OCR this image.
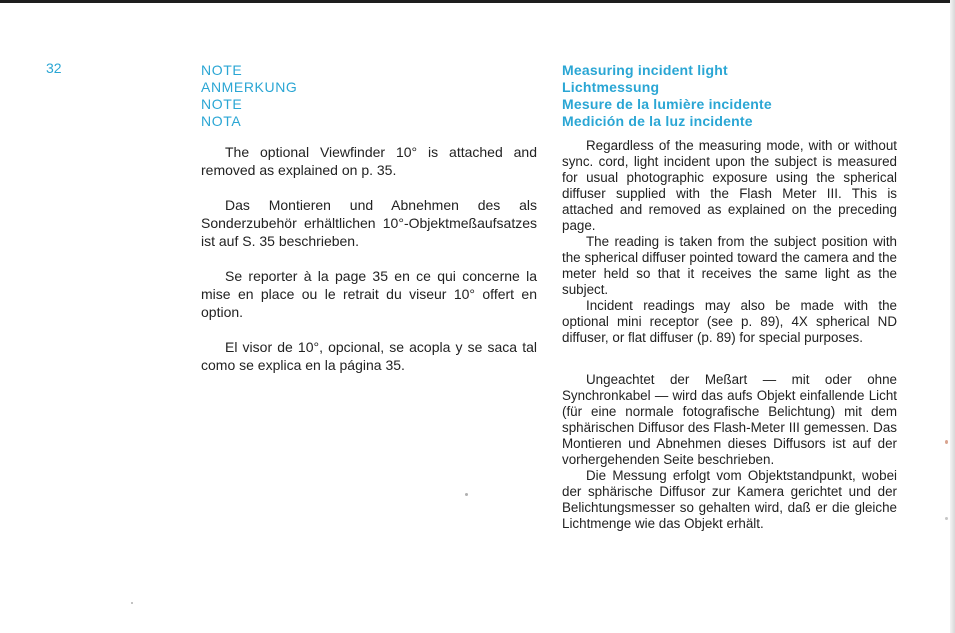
32	NOTE
ANMERKUNG
NOTE
NOTA

The optional Viewfinder 10° is attached and removed as explained on p. 35.

Das Montieren und Abnehmen des als Sonderzubehör erhältlichen 10°-Objektmeßaufsatzes ist auf S. 35 beschrieben.

Se reporter à la page 35 en ce qui concerne la mise en place ou le retrait du viseur 10° offert en option.

El visor de 10°, opcional, se acopla y se saca tal como se explica en la página 35.

Measuring incident light
Lichtmessung
Mesure de la lumière incidente
Medición de la luz incidente

Regardless of the measuring mode, with or without sync. cord, light incident upon the subject is measured for usual photographic exposure using the spherical diffuser supplied with the Flash Meter III. This is attached and removed as explained on the preceding page.

The reading is taken from the subject position with the spherical diffuser pointed toward the camera and the meter held so that it receives the same light as the subject.

Incident readings may also be made with the optional mini receptor (see p. 89), 4X spherical ND diffuser, or flat diffuser (p. 89) for special purposes.

Ungeachtet der Meßart — mit oder ohne Synchronkabel — wird das aufs Objekt einfallende Licht (für eine normale fotografische Belichtung) mit dem sphärischen Diffusor des Flash-Meter III gemessen. Das Montieren und Abnehmen dieses Diffusors ist auf der vorhergehenden Seite beschrieben.

Die Messung erfolgt vom Objektstandpunkt, wobei der sphärische Diffusor zur Kamera gerichtet und der Belichtungsmesser so gehalten wird, daß er die gleiche Lichtmenge wie das Objekt erhält.
